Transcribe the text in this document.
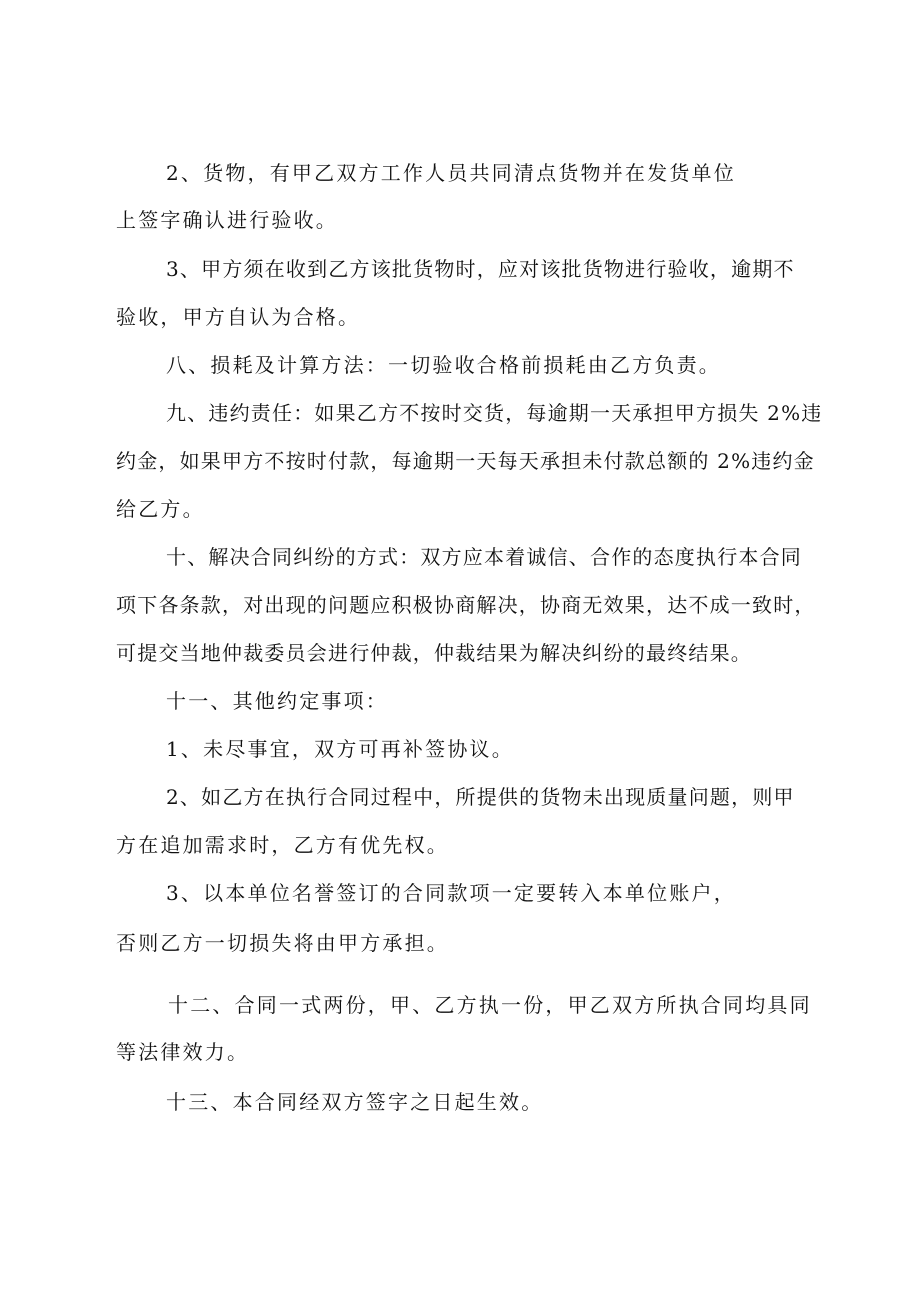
2、货物，有甲乙双方工作人员共同清点货物并在发货单位
上签字确认进行验收。
3、甲方须在收到乙方该批货物时，应对该批货物进行验收，逾期不
验收，甲方自认为合格。
八、损耗及计算方法：一切验收合格前损耗由乙方负责。
九、违约责任：如果乙方不按时交货，每逾期一天承担甲方损失 2%违
约金，如果甲方不按时付款，每逾期一天每天承担未付款总额的 2%违约金
给乙方。
十、解决合同纠纷的方式：双方应本着诚信、合作的态度执行本合同
项下各条款，对出现的问题应积极协商解决，协商无效果，达不成一致时，
可提交当地仲裁委员会进行仲裁，仲裁结果为解决纠纷的最终结果。
十一、其他约定事项：
1、未尽事宜，双方可再补签协议。
2、如乙方在执行合同过程中，所提供的货物未出现质量问题，则甲
方在追加需求时，乙方有优先权。
3、以本单位名誉签订的合同款项一定要转入本单位账户，
否则乙方一切损失将由甲方承担。
十二、合同一式两份，甲、乙方执一份，甲乙双方所执合同均具同
等法律效力。
十三、本合同经双方签字之日起生效。
